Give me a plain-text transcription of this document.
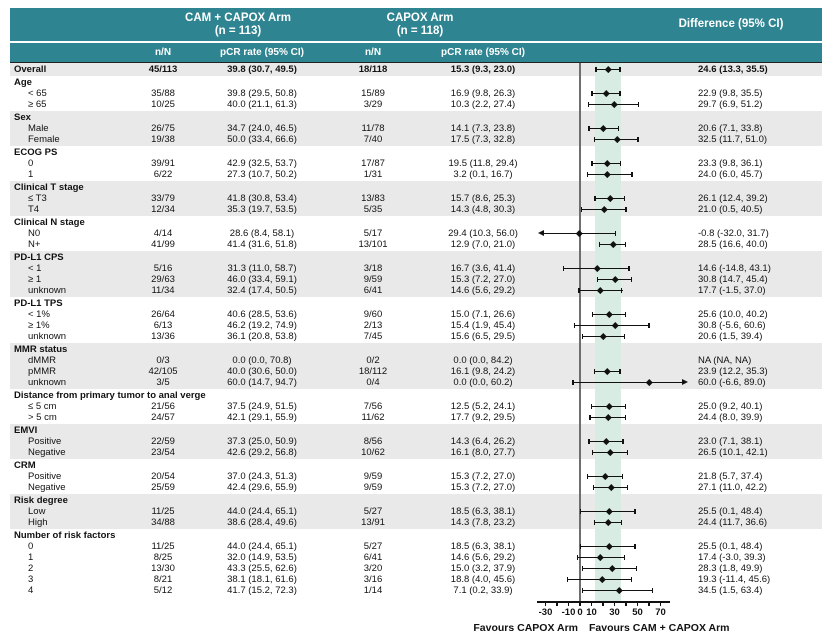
CAM + CAPOX Arm
(n = 113)
CAPOX Arm
(n = 118)
Difference (95% CI)
n/N	pCR rate (95% CI)	n/N	pCR rate (95% CI)
Overall	45/113	39.8 (30.7, 49.5)	18/118	15.3 (9.3, 23.0)	24.6 (13.3, 35.5)
Age
< 65	35/88	39.8 (29.5, 50.8)	15/89	16.9 (9.8, 26.3)	22.9 (9.8, 35.5)
≥ 65	10/25	40.0 (21.1, 61.3)	3/29	10.3 (2.2, 27.4)	29.7 (6.9, 51.2)
Sex
Male	26/75	34.7 (24.0, 46.5)	11/78	14.1 (7.3, 23.8)	20.6 (7.1, 33.8)
Female	19/38	50.0 (33.4, 66.6)	7/40	17.5 (7.3, 32.8)	32.5 (11.7, 51.0)
ECOG PS
0	39/91	42.9 (32.5, 53.7)	17/87	19.5 (11.8, 29.4)	23.3 (9.8, 36.1)
1	6/22	27.3 (10.7, 50.2)	1/31	3.2 (0.1, 16.7)	24.0 (6.0, 45.7)
Clinical T stage
≤ T3	33/79	41.8 (30.8, 53.4)	13/83	15.7 (8.6, 25.3)	26.1 (12.4, 39.2)
T4	12/34	35.3 (19.7, 53.5)	5/35	14.3 (4.8, 30.3)	21.0 (0.5, 40.5)
Clinical N stage
N0	4/14	28.6 (8.4, 58.1)	5/17	29.4 (10.3, 56.0)	-0.8 (-32.0, 31.7)
N+	41/99	41.4 (31.6, 51.8)	13/101	12.9 (7.0, 21.0)	28.5 (16.6, 40.0)
PD-L1 CPS
< 1	5/16	31.3 (11.0, 58.7)	3/18	16.7 (3.6, 41.4)	14.6 (-14.8, 43.1)
≥ 1	29/63	46.0 (33.4, 59.1)	9/59	15.3 (7.2, 27.0)	30.8 (14.7, 45.4)
unknown	11/34	32.4 (17.4, 50.5)	6/41	14.6 (5.6, 29.2)	17.7 (-1.5, 37.0)
PD-L1 TPS
< 1%	26/64	40.6 (28.5, 53.6)	9/60	15.0 (7.1, 26.6)	25.6 (10.0, 40.2)
≥ 1%	6/13	46.2 (19.2, 74.9)	2/13	15.4 (1.9, 45.4)	30.8 (-5.6, 60.6)
unknown	13/36	36.1 (20.8, 53.8)	7/45	15.6 (6.5, 29.5)	20.6 (1.5, 39.4)
MMR status
dMMR	0/3	0.0 (0.0, 70.8)	0/2	0.0 (0.0, 84.2)	NA (NA, NA)
pMMR	42/105	40.0 (30.6, 50.0)	18/112	16.1 (9.8, 24.2)	23.9 (12.2, 35.3)
unknown	3/5	60.0 (14.7, 94.7)	0/4	0.0 (0.0, 60.2)	60.0 (-6.6, 89.0)
Distance from primary tumor to anal verge
≤ 5 cm	21/56	37.5 (24.9, 51.5)	7/56	12.5 (5.2, 24.1)	25.0 (9.2, 40.1)
> 5 cm	24/57	42.1 (29.1, 55.9)	11/62	17.7 (9.2, 29.5)	24.4 (8.0, 39.9)
EMVI
Positive	22/59	37.3 (25.0, 50.9)	8/56	14.3 (6.4, 26.2)	23.0 (7.1, 38.1)
Negative	23/54	42.6 (29.2, 56.8)	10/62	16.1 (8.0, 27.7)	26.5 (10.1, 42.1)
CRM
Positive	20/54	37.0 (24.3, 51.3)	9/59	15.3 (7.2, 27.0)	21.8 (5.7, 37.4)
Negative	25/59	42.4 (29.6, 55.9)	9/59	15.3 (7.2, 27.0)	27.1 (11.0, 42.2)
Risk degree
Low	11/25	44.0 (24.4, 65.1)	5/27	18.5 (6.3, 38.1)	25.5 (0.1, 48.4)
High	34/88	38.6 (28.4, 49.6)	13/91	14.3 (7.8, 23.2)	24.4 (11.7, 36.6)
Number of risk factors
0	11/25	44.0 (24.4, 65.1)	5/27	18.5 (6.3, 38.1)	25.5 (0.1, 48.4)
1	8/25	32.0 (14.9, 53.5)	6/41	14.6 (5.6, 29.2)	17.4 (-3.0, 39.3)
2	13/30	43.3 (25.5, 62.6)	3/20	15.0 (3.2, 37.9)	28.3 (1.8, 49.9)
3	8/21	38.1 (18.1, 61.6)	3/16	18.8 (4.0, 45.6)	19.3 (-11.4, 45.6)
4	5/12	41.7 (15.2, 72.3)	1/14	7.1 (0.2, 33.9)	34.5 (1.5, 63.4)
-30 -10 0 10	30	50	70
Favours CAPOX Arm Favours CAM + CAPOX Arm
